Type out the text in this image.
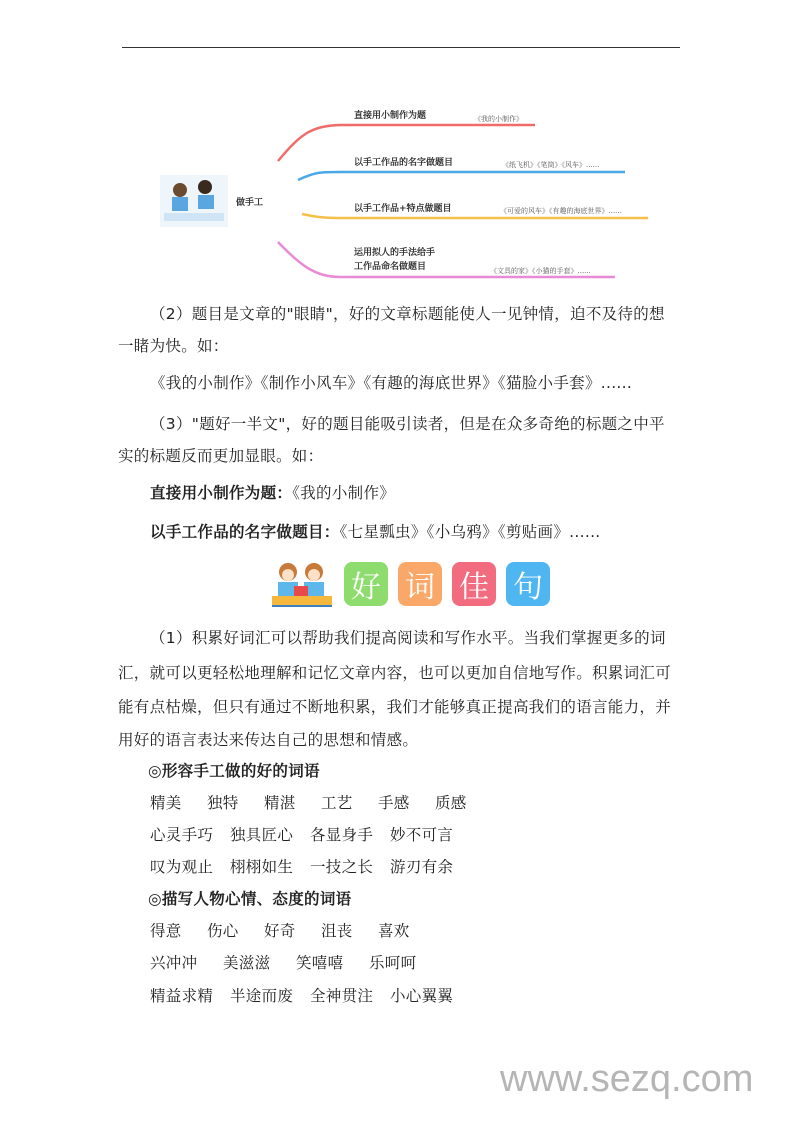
做手工
直接用小制作为题	《我的小制作》
以手工作品的名字做题目	《纸飞机》《笔筒》《风车》......
以手工作品+特点做题目	《可爱的风车》《有趣的海底世界》......
运用拟人的手法给手
工作品命名做题目	《文具的家》《小猫的手套》......
（2）题目是文章的"眼睛"，好的文章标题能使人一见钟情，迫不及待的想
一睹为快。如：
《我的小制作》《制作小风车》《有趣的海底世界》《猫脸小手套》......
（3）"题好一半文"，好的题目能吸引读者，但是在众多奇绝的标题之中平
实的标题反而更加显眼。如：
直接用小制作为题：《我的小制作》
以手工作品的名字做题目：《七星瓢虫》《小乌鸦》《剪贴画》......
好 词 佳 句
（1）积累好词汇可以帮助我们提高阅读和写作水平。当我们掌握更多的词
汇，就可以更轻松地理解和记忆文章内容，也可以更加自信地写作。积累词汇可
能有点枯燥，但只有通过不断地积累，我们才能够真正提高我们的语言能力，并
用好的语言表达来传达自己的思想和情感。
◎形容手工做的好的词语
精美 独特 精湛 工艺 手感 质感
心灵手巧 独具匠心 各显身手 妙不可言
叹为观止 栩栩如生 一技之长 游刃有余
◎描写人物心情、态度的词语
得意 伤心 好奇 沮丧 喜欢
兴冲冲 美滋滋 笑嘻嘻 乐呵呵
精益求精 半途而废 全神贯注 小心翼翼
www.sezq.com
